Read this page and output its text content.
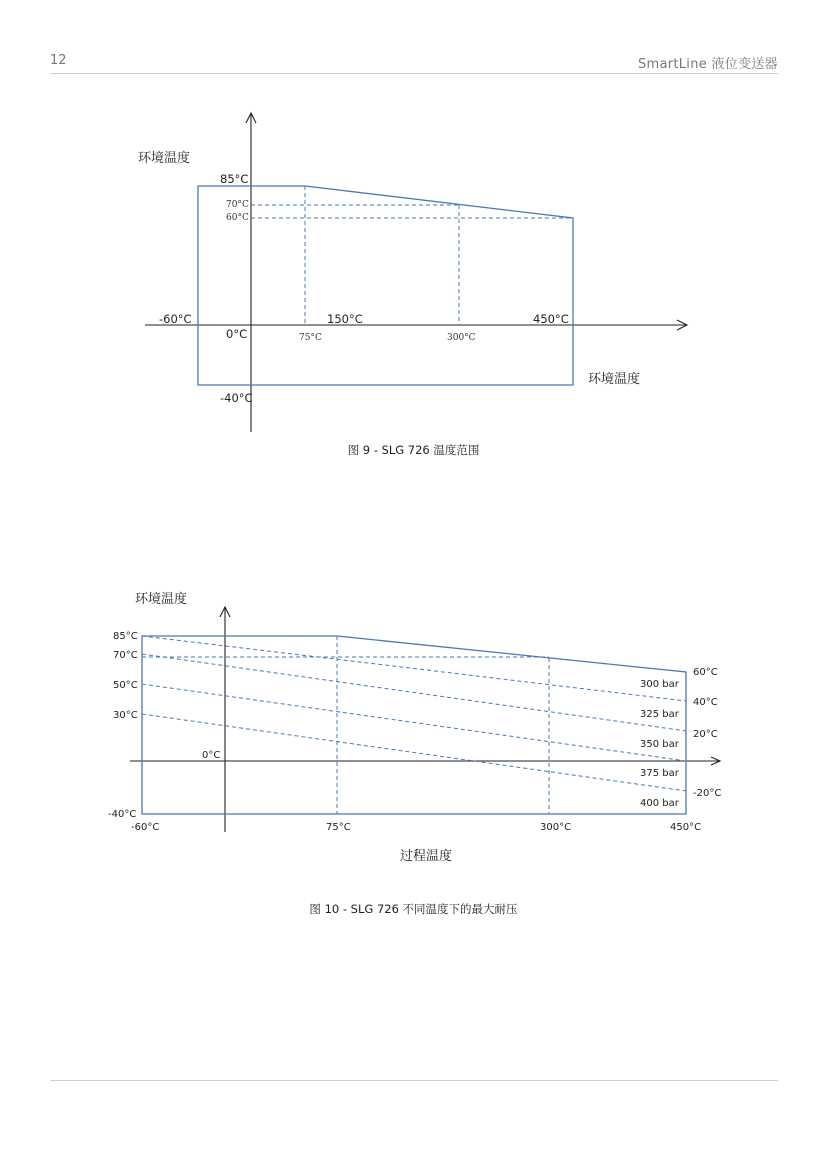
12	SmartLine 液位变送器
环境温度
85°C
70°C
60°C
-60°C	150°C	450°C
0°C	75°C	300°C
环境温度
-40°C
图 9 - SLG 726 温度范围
环境温度
85°C
70°C
50°C
30°C
-40°C
0°C
-60°C	75°C	300°C	450°C
60°C
40°C
20°C
-20°C
300 bar
325 bar
350 bar
375 bar
400 bar
过程温度
图 10 - SLG 726 不同温度下的最大耐压
